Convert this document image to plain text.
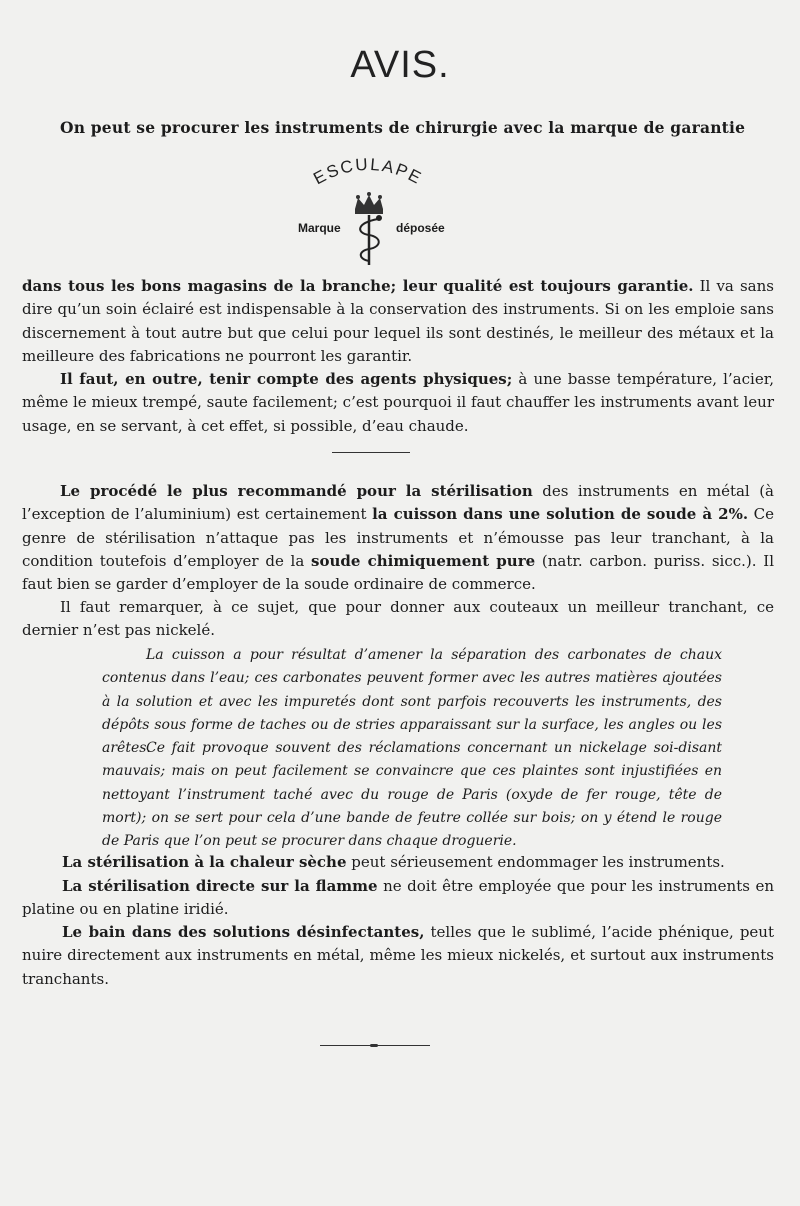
AVIS.
On peut se procurer les instruments de chirurgie avec la marque de garantie
ESCULAPE
Marque	déposée
dans tous les bons magasins de la branche; leur qualité est toujours garantie. Il va sans dire qu’un soin éclairé est indispensable à la conservation des instruments. Si on les emploie sans discernement à tout autre but que celui pour lequel ils sont destinés, le meilleur des métaux et la meilleure des fabrications ne pourront les garantir.
Il faut, en outre, tenir compte des agents physiques; à une basse température, l’acier, même le mieux trempé, saute facilement; c’est pourquoi il faut chauffer les instruments avant leur usage, en se servant, à cet effet, si possible, d’eau chaude.
Le procédé le plus recommandé pour la stérilisation des instruments en métal (à l’exception de l’aluminium) est certainement la cuisson dans une solution de soude à 2%. Ce genre de stérilisation n’attaque pas les instruments et n’émousse pas leur tranchant, à la condition toutefois d’employer de la soude chimiquement pure (natr. carbon. puriss. sicc.). Il faut bien se garder d’employer de la soude ordinaire de commerce.
Il faut remarquer, à ce sujet, que pour donner aux couteaux un meilleur tranchant, ce dernier n’est pas nickelé.
La cuisson a pour résultat d’amener la séparation des carbonates de chaux contenus dans l’eau; ces carbonates peuvent former avec les autres matières ajoutées à la solution et avec les impuretés dont sont parfois recouverts les instruments, des dépôts sous forme de taches ou de stries apparaissant sur la surface, les angles ou les arêtes.
Ce fait provoque souvent des réclamations concernant un nickelage soi-disant mauvais; mais on peut facilement se convaincre que ces plaintes sont injustifiées en nettoyant l’instrument taché avec du rouge de Paris (oxyde de fer rouge, tête de mort); on se sert pour cela d’une bande de feutre collée sur bois; on y étend le rouge de Paris que l’on peut se procurer dans chaque droguerie.
La stérilisation à la chaleur sèche peut sérieusement endommager les instruments.
La stérilisation directe sur la flamme ne doit être employée que pour les instruments en platine ou en platine iridié.
Le bain dans des solutions désinfectantes, telles que le sublimé, l’acide phénique, peut nuire directement aux instruments en métal, même les mieux nickelés, et surtout aux instruments tranchants.
